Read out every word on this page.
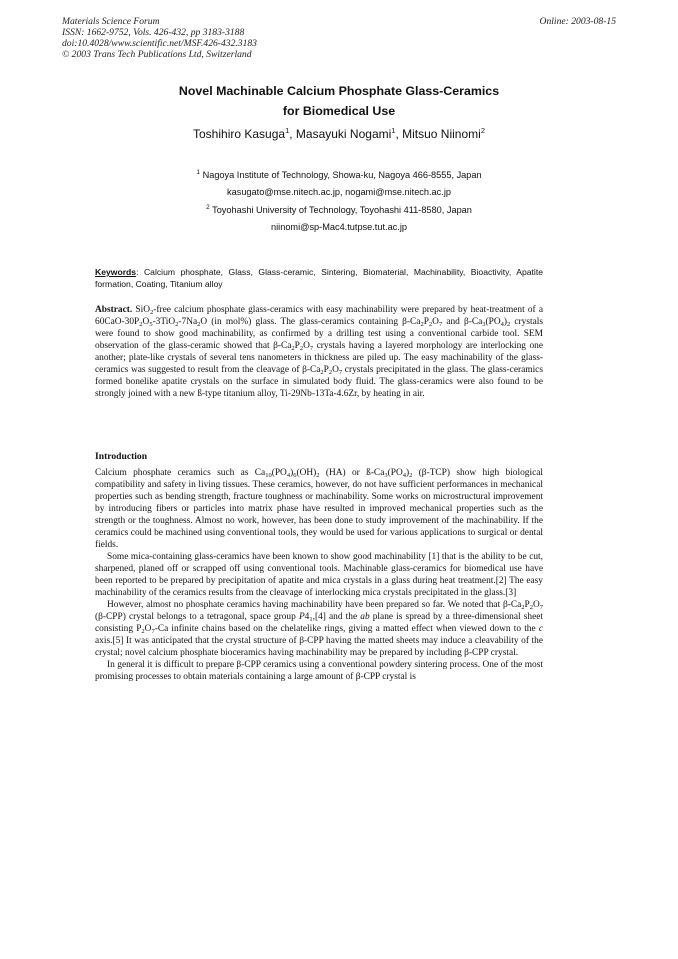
Materials Science Forum
ISSN: 1662-9752, Vols. 426-432, pp 3183-3188
doi:10.4028/www.scientific.net/MSF.426-432.3183
© 2003 Trans Tech Publications Ltd, Switzerland
Online: 2003-08-15
Novel Machinable Calcium Phosphate Glass-Ceramics
for Biomedical Use
Toshihiro Kasuga$^1$, Masayuki Nogami$^1$, Mitsuo Niinomi$^2$
$^1$ Nagoya Institute of Technology, Showa-ku, Nagoya 466-8555, Japan
kasugato@mse.nitech.ac.jp, nogami@mse.nitech.ac.jp
$^2$ Toyohashi University of Technology, Toyohashi 411-8580, Japan
niinomi@sp-Mac4.tutpse.tut.ac.jp
Keywords: Calcium phosphate, Glass, Glass-ceramic, Sintering, Biomaterial, Machinability, Bioactivity, Apatite formation, Coating, Titanium alloy
Abstract. SiO$_2$-free calcium phosphate glass-ceramics with easy machinability were prepared by heat-treatment of a $60CaO-30P_2O_5-3TiO_2-7Na_2O$ (in mol%) glass. The glass-ceramics containing $\beta-Ca_2P_2O_7$ and $\beta-Ca_3(PO_4)_2$ crystals were found to show good machinability, as confirmed by a drilling test using a conventional carbide tool. SEM observation of the glass-ceramic showed that $\beta-Ca_2P_2O_7$ crystals having a layered morphology are interlocking one another; plate-like crystals of several tens nanometers in thickness are piled up. The easy machinability of the glass-ceramics was suggested to result from the cleavage of $\beta-Ca_2P_2O_7$ crystals precipitated in the glass. The glass-ceramics formed bonelike apatite crystals on the surface in simulated body fluid. The glass-ceramics were also found to be strongly joined with a new ß-type titanium alloy, Ti-29Nb-13Ta-4.6Zr, by heating in air.
Introduction

Calcium phosphate ceramics such as $Ca_{10}(PO_4)_6(OH)_2$ (HA) or $ß-Ca_3(PO_4)_2$ (β-TCP) show high biological compatibility and safety in living tissues. These ceramics, however, do not have sufficient performances in mechanical properties such as bending strength, fracture toughness or machinability. Some works on microstructural improvement by introducing fibers or particles into matrix phase have resulted in improved mechanical properties such as the strength or the toughness. Almost no work, however, has been done to study improvement of the machinability. If the ceramics could be machined using conventional tools, they would be used for various applications to surgical or dental fields.

Some mica-containing glass-ceramics have been known to show good machinability [1] that is the ability to be cut, sharpened, planed off or scrapped off using conventional tools. Machinable glass-ceramics for biomedical use have been reported to be prepared by precipitation of apatite and mica crystals in a glass during heat treatment.[2] The easy machinability of the ceramics results from the cleavage of interlocking mica crystals precipitated in the glass.[3]

However, almost no phosphate ceramics having machinability have been prepared so far. We noted that $\beta-Ca_2P_2O_7$ (β-CPP) crystal belongs to a tetragonal, space group $P4_1,[4]$ and the ab plane is spread by a three-dimensional sheet consisting $P_2O_7-Ca$ infinite chains based on the chelatelike rings, giving a matted effect when viewed down to the c axis.[5] It was anticipated that the crystal structure of β-CPP having the matted sheets may induce a cleavability of the crystal; novel calcium phosphate bioceramics having machinability may be prepared by including β-CPP crystal.

In general it is difficult to prepare β-CPP ceramics using a conventional powdery sintering process. One of the most promising processes to obtain materials containing a large amount of β-CPP crystal is
